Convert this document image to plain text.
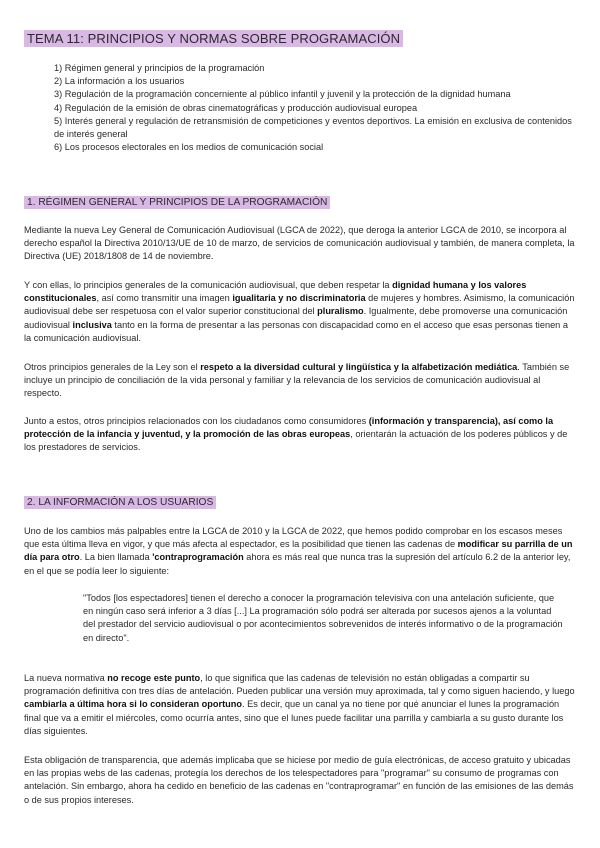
TEMA 11: PRINCIPIOS Y NORMAS SOBRE PROGRAMACIÓN
1) Régimen general y principios de la programación
2) La información a los usuarios
3) Regulación de la programación concerniente al público infantil y juvenil y la protección de la dignidad humana
4) Regulación de la emisión de obras cinematográficas y producción audiovisual europea
5) Interés general y regulación de retransmisión de competiciones y eventos deportivos. La emisión en exclusiva de contenidos de interés general
6) Los procesos electorales en los medios de comunicación social
1. RÉGIMEN GENERAL Y PRINCIPIOS DE LA PROGRAMACIÓN

Mediante la nueva Ley General de Comunicación Audiovisual (LGCA de 2022), que deroga la anterior LGCA de 2010, se incorpora al derecho español la Directiva 2010/13/UE de 10 de marzo, de servicios de comunicación audiovisual y también, de manera completa, la Directiva (UE) 2018/1808 de 14 de noviembre.

Y con ellas, lo principios generales de la comunicación audiovisual, que deben respetar la dignidad humana y los valores constitucionales, así como transmitir una imagen igualitaria y no discriminatoria de mujeres y hombres. Asimismo, la comunicación audiovisual debe ser respetuosa con el valor superior constitucional del pluralismo. Igualmente, debe promoverse una comunicación audiovisual inclusiva tanto en la forma de presentar a las personas con discapacidad como en el acceso que esas personas tienen a la comunicación audiovisual.

Otros principios generales de la Ley son el respeto a la diversidad cultural y lingüística y la alfabetización mediática. También se incluye un principio de conciliación de la vida personal y familiar y la relevancia de los servicios de comunicación audiovisual al respecto.

Junto a estos, otros principios relacionados con los ciudadanos como consumidores (información y transparencia), así como la protección de la infancia y juventud, y la promoción de las obras europeas, orientarán la actuación de los poderes públicos y de los prestadores de servicios.

2. LA INFORMACIÓN A LOS USUARIOS

Uno de los cambios más palpables entre la LGCA de 2010 y la LGCA de 2022, que hemos podido comprobar en los escasos meses que esta última lleva en vigor, y que más afecta al espectador, es la posibilidad que tienen las cadenas de modificar su parrilla de un día para otro. La bien llamada 'contraprogramación ahora es más real que nunca tras la supresión del artículo 6.2 de la anterior ley, en el que se podía leer lo siguiente:

"Todos [los espectadores] tienen el derecho a conocer la programación televisiva con una antelación suficiente, que en ningún caso será inferior a 3 días [...] La programación sólo podrá ser alterada por sucesos ajenos a la voluntad del prestador del servicio audiovisual o por acontecimientos sobrevenidos de interés informativo o de la programación en directo".

La nueva normativa no recoge este punto, lo que significa que las cadenas de televisión no están obligadas a compartir su programación definitiva con tres días de antelación. Pueden publicar una versión muy aproximada, tal y como siguen haciendo, y luego cambiarla a última hora si lo consideran oportuno. Es decir, que un canal ya no tiene por qué anunciar el lunes la programación final que va a emitir el miércoles, como ocurría antes, sino que el lunes puede facilitar una parrilla y cambiarla a su gusto durante los días siguientes.

Esta obligación de transparencia, que además implicaba que se hiciese por medio de guía electrónicas, de acceso gratuito y ubicadas en las propias webs de las cadenas, protegía los derechos de los telespectadores para "programar" su consumo de programas con antelación. Sin embargo, ahora ha cedido en beneficio de las cadenas en "contraprogramar" en función de las emisiones de las demás o de sus propios intereses.
